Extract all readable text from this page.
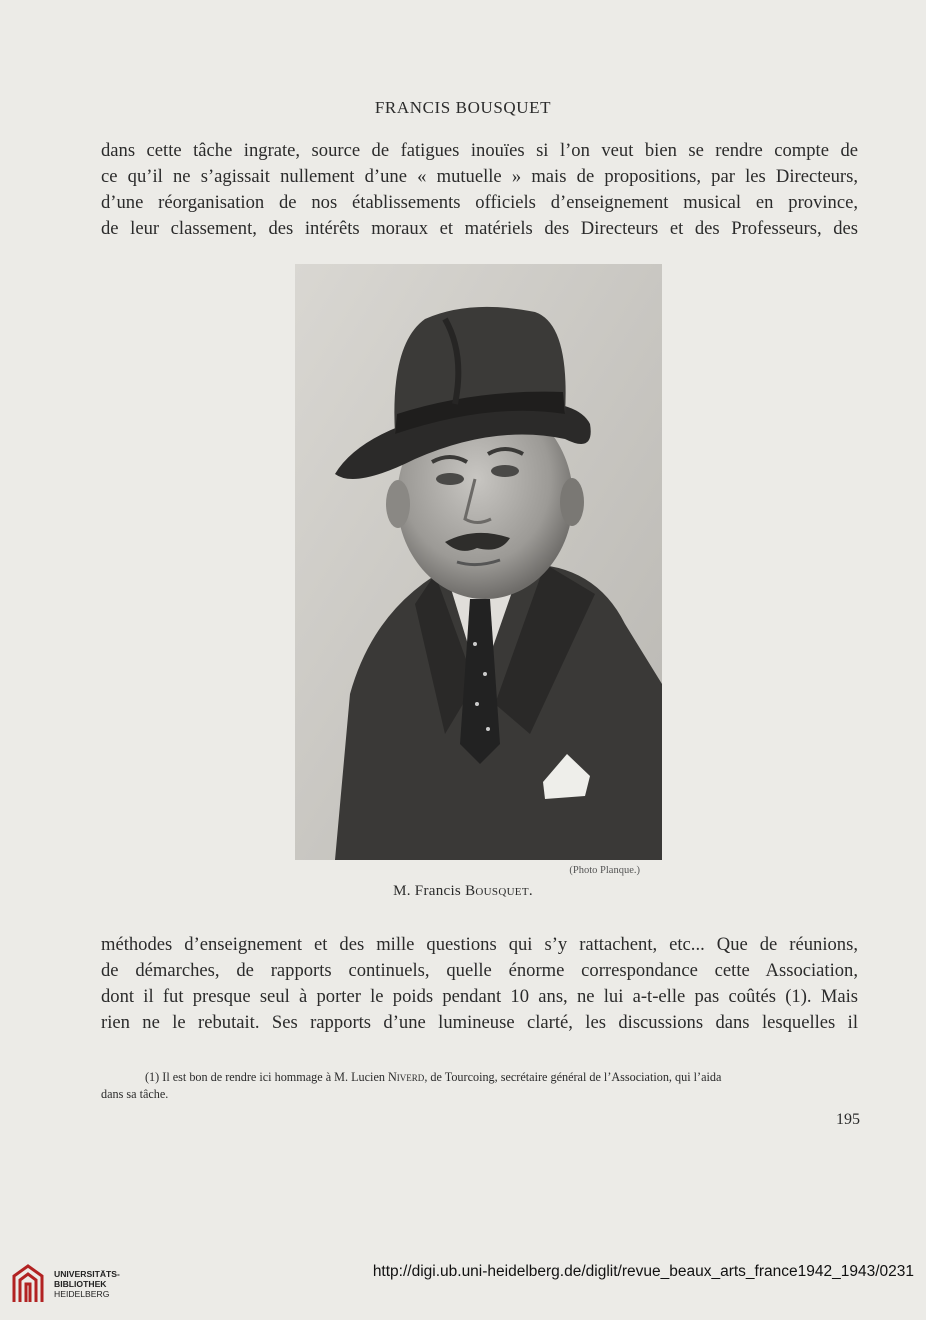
FRANCIS BOUSQUET
dans cette tâche ingrate, source de fatigues inouïes si l’on veut bien se rendre compte de
ce qu’il ne s’agissait nullement d’une « mutuelle » mais de propositions, par les Directeurs,
d’une réorganisation de nos établissements officiels d’enseignement musical en province,
de leur classement, des intérêts moraux et matériels des Directeurs et des Professeurs, des
(Photo Planque.)
M. Francis Bousquet.
méthodes d’enseignement et des mille questions qui s’y rattachent, etc... Que de réunions,
de démarches, de rapports continuels, quelle énorme correspondance cette Association,
dont il fut presque seul à porter le poids pendant 10 ans, ne lui a-t-elle pas coûtés (1). Mais
rien ne le rebutait. Ses rapports d’une lumineuse clarté, les discussions dans lesquelles il

(1) Il est bon de rendre ici hommage à M. Lucien Niverd, de Tourcoing, secrétaire général de l’Association, qui l’aida
dans sa tâche.

195
UNIVERSITÄTS-
BIBLIOTHEK
HEIDELBERG
http://digi.ub.uni-heidelberg.de/diglit/revue_beaux_arts_france1942_1943/0231
